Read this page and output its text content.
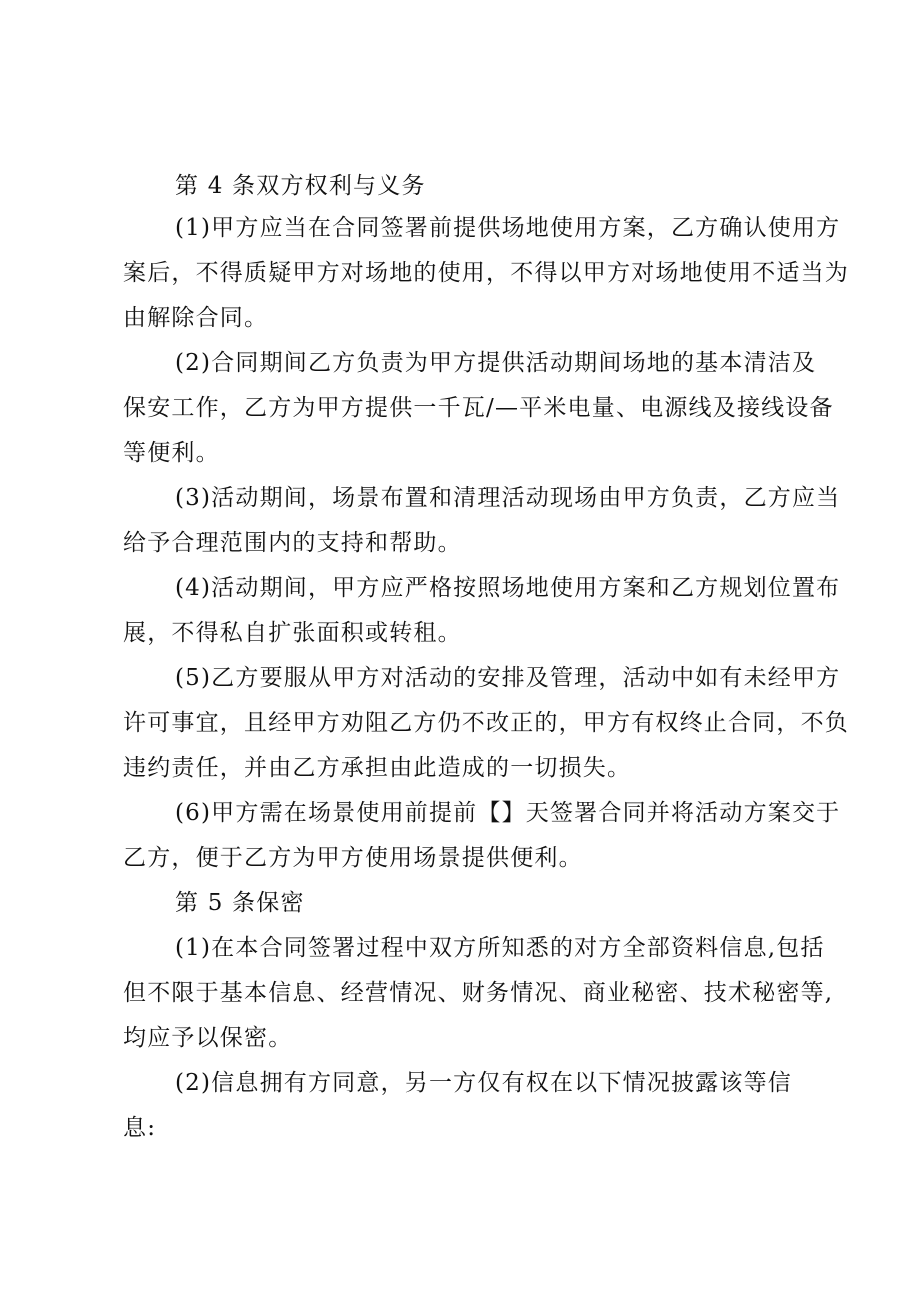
第 4 条双方权利与义务
(1)甲方应当在合同签署前提供场地使用方案，乙方确认使用方
案后，不得质疑甲方对场地的使用，不得以甲方对场地使用不适当为
由解除合同。
(2)合同期间乙方负责为甲方提供活动期间场地的基本清洁及
保安工作，乙方为甲方提供一千瓦/—平米电量、电源线及接线设备
等便利。
(3)活动期间，场景布置和清理活动现场由甲方负责，乙方应当
给予合理范围内的支持和帮助。
(4)活动期间，甲方应严格按照场地使用方案和乙方规划位置布
展，不得私自扩张面积或转租。
(5)乙方要服从甲方对活动的安排及管理，活动中如有未经甲方
许可事宜，且经甲方劝阻乙方仍不改正的，甲方有权终止合同，不负
违约责任，并由乙方承担由此造成的一切损失。
(6)甲方需在场景使用前提前【】天签署合同并将活动方案交于
乙方，便于乙方为甲方使用场景提供便利。
第 5 条保密
(1)在本合同签署过程中双方所知悉的对方全部资料信息,包括
但不限于基本信息、经营情况、财务情况、商业秘密、技术秘密等,
均应予以保密。
(2)信息拥有方同意，另一方仅有权在以下情况披露该等信
息:
